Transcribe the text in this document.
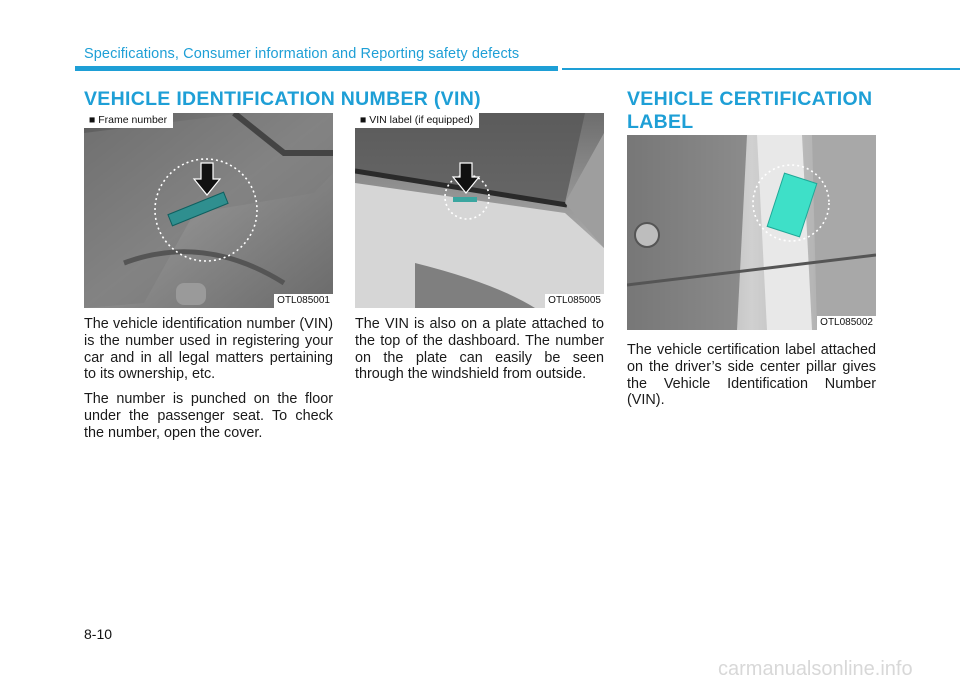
Specifications, Consumer information and Reporting safety defects
VEHICLE IDENTIFICATION NUMBER (VIN)	VEHICLE CERTIFICATION
LABEL
■ Frame number
OTL085001
■ VIN label (if equipped)
OTL085005
OTL085002

The vehicle identification number (VIN) is the number used in registering your car and in all legal matters pertaining to its ownership, etc.

The number is punched on the floor under the passenger seat. To check the number, open the cover.

The VIN is also on a plate attached to the top of the dashboard. The number on the plate can easily be seen through the windshield from outside.

The vehicle certification label attached on the driver’s side center pillar gives the Vehicle Identification Number (VIN).

8-10
carmanualsonline.info
